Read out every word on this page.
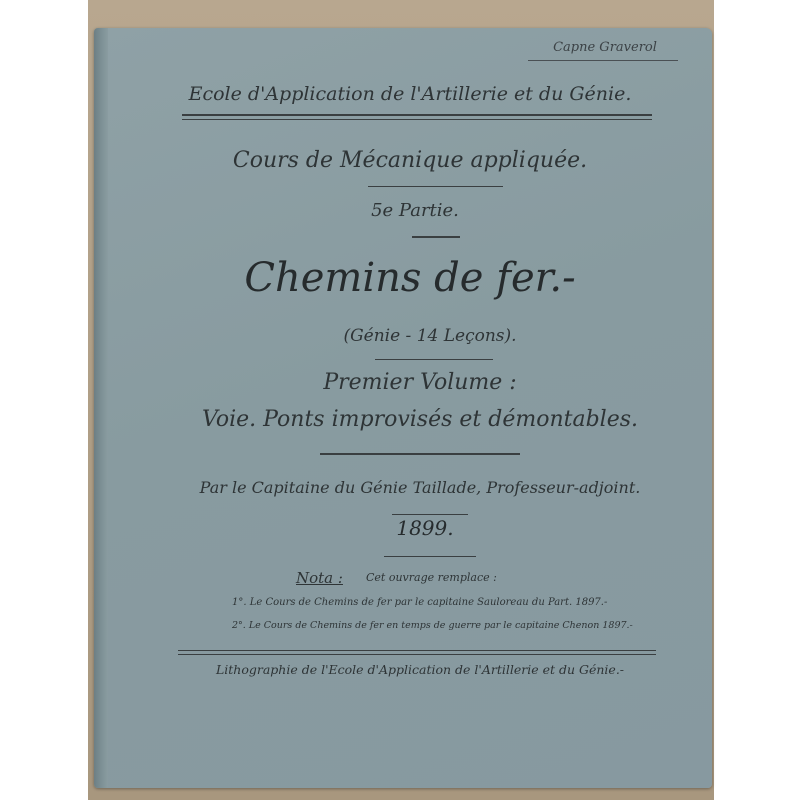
Capne Graverol
Ecole d'Application de l'Artillerie et du Génie.
Cours de Mécanique appliquée.
5e Partie.
Chemins de fer.-
(Génie - 14 Leçons).
Premier Volume :
Voie. Ponts improvisés et démontables.
Par le Capitaine du Génie Taillade, Professeur-adjoint.
1899.
Nota :	Cet ouvrage remplace :
1°. Le Cours de Chemins de fer par le capitaine Sauloreau du Part. 1897.-
2°. Le Cours de Chemins de fer en temps de guerre par le capitaine Chenon 1897.-
Lithographie de l'Ecole d'Application de l'Artillerie et du Génie.-
